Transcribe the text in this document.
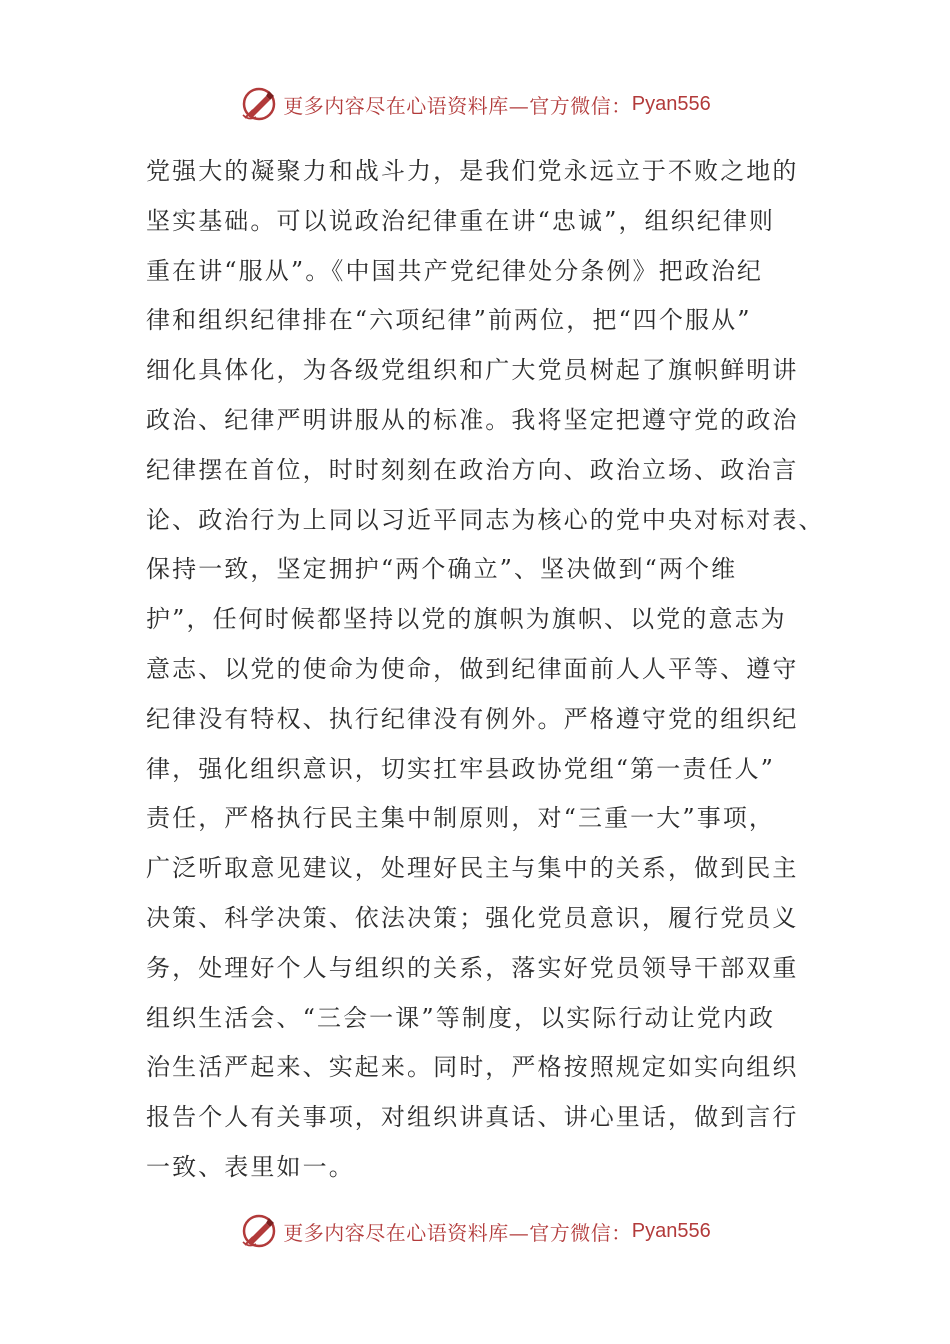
更多内容尽在心语资料库—官方微信： Pyan556
党强大的凝聚力和战斗力，是我们党永远立于不败之地的
坚实基础。可以说政治纪律重在讲“忠诚”，组织纪律则
重在讲“服从”。《中国共产党纪律处分条例》把政治纪
律和组织纪律排在“六项纪律”前两位，把“四个服从”
细化具体化，为各级党组织和广大党员树起了旗帜鲜明讲
政治、纪律严明讲服从的标准。我将坚定把遵守党的政治
纪律摆在首位，时时刻刻在政治方向、政治立场、政治言
论、政治行为上同以习近平同志为核心的党中央对标对表、
保持一致，坚定拥护“两个确立”、坚决做到“两个维
护”，任何时候都坚持以党的旗帜为旗帜、以党的意志为
意志、以党的使命为使命，做到纪律面前人人平等、遵守
纪律没有特权、执行纪律没有例外。严格遵守党的组织纪
律，强化组织意识，切实扛牢县政协党组“第一责任人”
责任，严格执行民主集中制原则，对“三重一大”事项，
广泛听取意见建议，处理好民主与集中的关系，做到民主
决策、科学决策、依法决策；强化党员意识，履行党员义
务，处理好个人与组织的关系，落实好党员领导干部双重
组织生活会、“三会一课”等制度，以实际行动让党内政
治生活严起来、实起来。同时，严格按照规定如实向组织
报告个人有关事项，对组织讲真话、讲心里话，做到言行
一致、表里如一。
更多内容尽在心语资料库—官方微信： Pyan556
